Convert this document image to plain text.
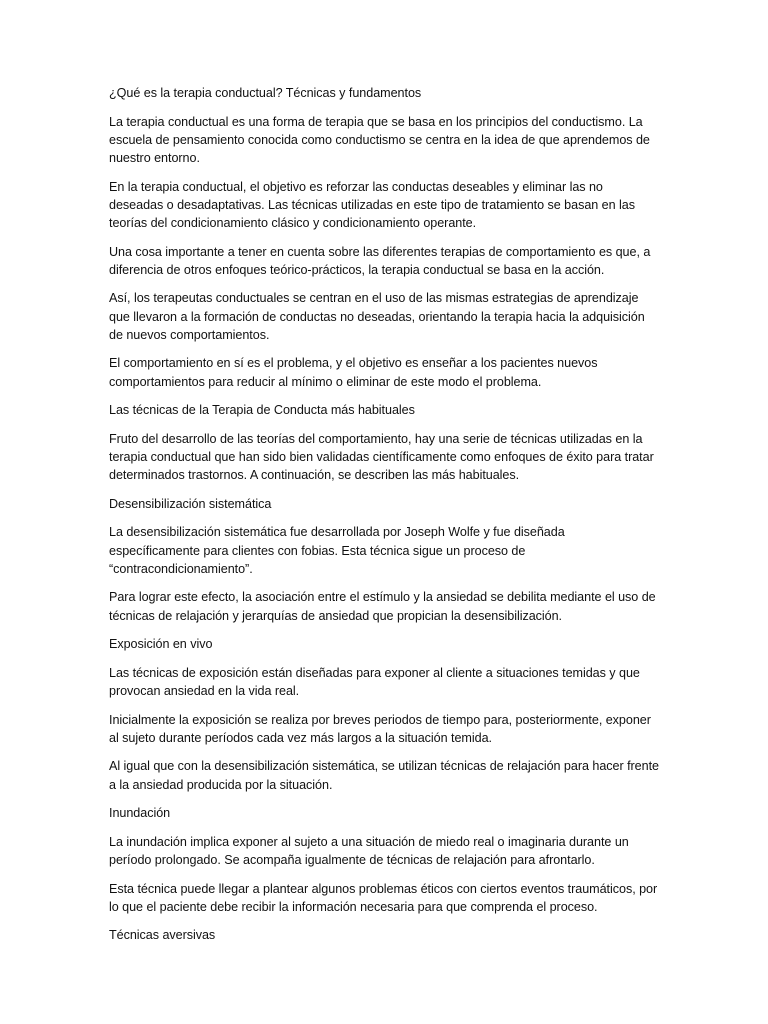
¿Qué es la terapia conductual? Técnicas y fundamentos

La terapia conductual es una forma de terapia que se basa en los principios del conductismo. La escuela de pensamiento conocida como conductismo se centra en la idea de que aprendemos de nuestro entorno.

En la terapia conductual, el objetivo es reforzar las conductas deseables y eliminar las no deseadas o desadaptativas. Las técnicas utilizadas en este tipo de tratamiento se basan en las teorías del condicionamiento clásico y condicionamiento operante.

Una cosa importante a tener en cuenta sobre las diferentes terapias de comportamiento es que, a diferencia de otros enfoques teórico-prácticos, la terapia conductual se basa en la acción.

Así, los terapeutas conductuales se centran en el uso de las mismas estrategias de aprendizaje que llevaron a la formación de conductas no deseadas, orientando la terapia hacia la adquisición de nuevos comportamientos.

El comportamiento en sí es el problema, y el objetivo es enseñar a los pacientes nuevos comportamientos para reducir al mínimo o eliminar de este modo el problema.

Las técnicas de la Terapia de Conducta más habituales

Fruto del desarrollo de las teorías del comportamiento, hay una serie de técnicas utilizadas en la terapia conductual que han sido bien validadas científicamente como enfoques de éxito para tratar determinados trastornos. A continuación, se describen las más habituales.

Desensibilización sistemática

La desensibilización sistemática fue desarrollada por Joseph Wolfe y fue diseñada específicamente para clientes con fobias. Esta técnica sigue un proceso de “contracondicionamiento”.

Para lograr este efecto, la asociación entre el estímulo y la ansiedad se debilita mediante el uso de técnicas de relajación y jerarquías de ansiedad que propician la desensibilización.

Exposición en vivo

Las técnicas de exposición están diseñadas para exponer al cliente a situaciones temidas y que provocan ansiedad en la vida real.

Inicialmente la exposición se realiza por breves periodos de tiempo para, posteriormente, exponer al sujeto durante períodos cada vez más largos a la situación temida.

Al igual que con la desensibilización sistemática, se utilizan técnicas de relajación para hacer frente a la ansiedad producida por la situación.

Inundación

La inundación implica exponer al sujeto a una situación de miedo real o imaginaria durante un período prolongado. Se acompaña igualmente de técnicas de relajación para afrontarlo.

Esta técnica puede llegar a plantear algunos problemas éticos con ciertos eventos traumáticos, por lo que el paciente debe recibir la información necesaria para que comprenda el proceso.

Técnicas aversivas
